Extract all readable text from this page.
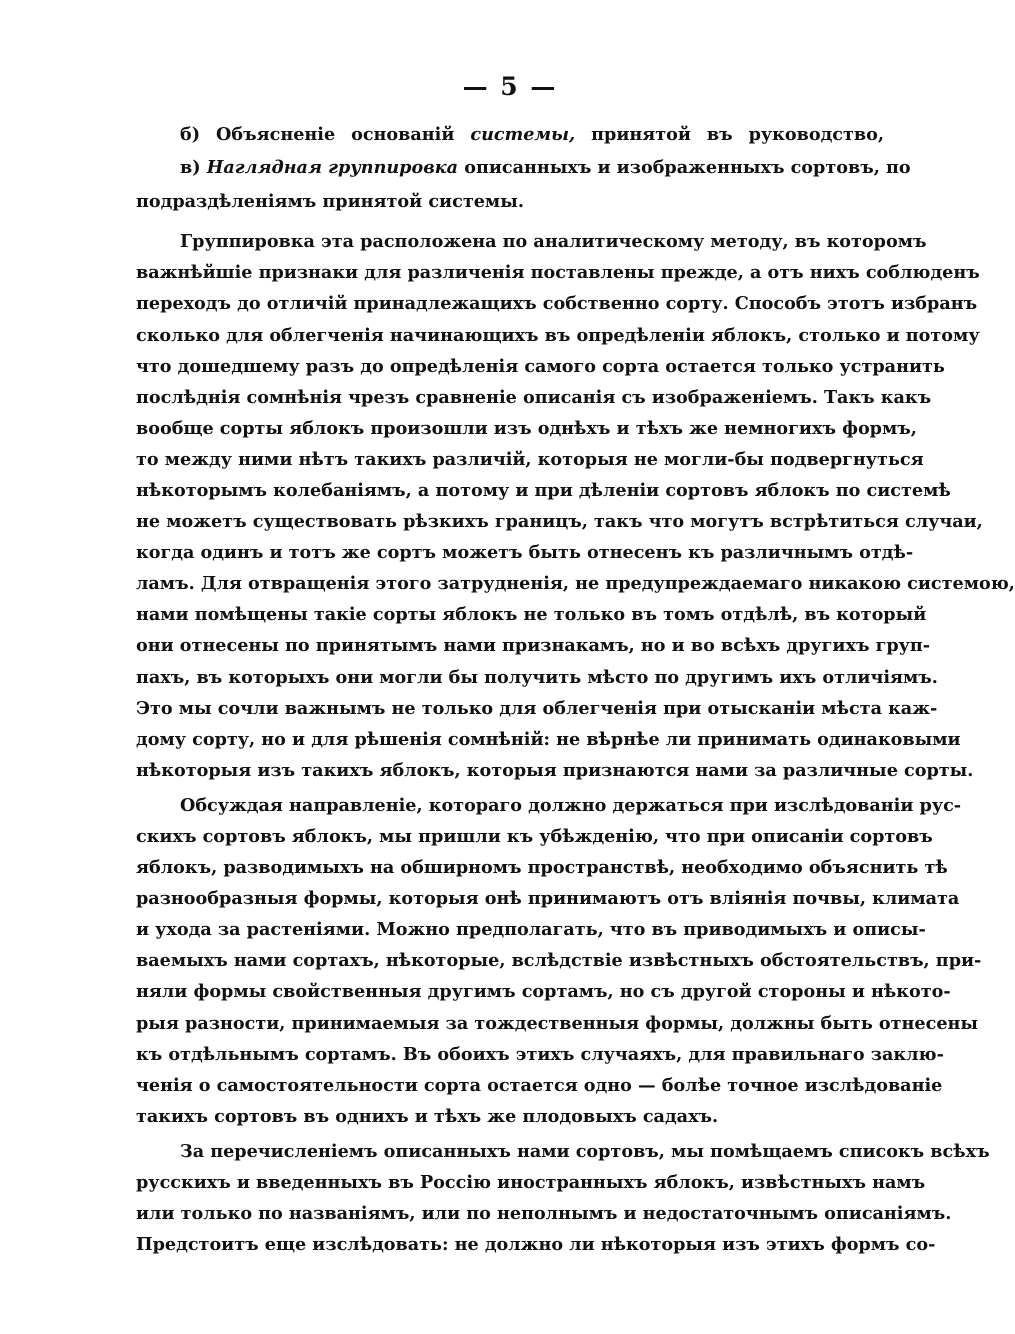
— 5 —
б) Объясненіе основаній системы, принятой въ руководство,
в) Наглядная группировка описанныхъ и изображенныхъ сортовъ, по
подраздѣленіямъ принятой системы.
Группировка эта расположена по аналитическому методу, въ которомъ
важнѣйшіе признаки для различенія поставлены прежде, а отъ нихъ соблюденъ
переходъ до отличій принадлежащихъ собственно сорту. Способъ этотъ избранъ
сколько для облегченія начинающихъ въ опредѣленіи яблокъ, столько и потому
что дошедшему разъ до опредѣленія самого сорта остается только устранить
послѣднія сомнѣнія чрезъ сравненіе описанія съ изображеніемъ. Такъ какъ
вообще сорты яблокъ произошли изъ однѣхъ и тѣхъ же немногихъ формъ,
то между ними нѣтъ такихъ различій, которыя не могли-бы подвергнуться
нѣкоторымъ колебаніямъ, а потому и при дѣленіи сортовъ яблокъ по системѣ
не можетъ существовать рѣзкихъ границъ, такъ что могутъ встрѣтиться случаи,
когда одинъ и тотъ же сортъ можетъ быть отнесенъ къ различнымъ отдѣ-
ламъ. Для отвращенія этого затрудненія, не предупреждаемаго никакою системою,
нами помѣщены такіе сорты яблокъ не только въ томъ отдѣлѣ, въ который
они отнесены по принятымъ нами признакамъ, но и во всѣхъ другихъ груп-
пахъ, въ которыхъ они могли бы получить мѣсто по другимъ ихъ отличіямъ.
Это мы сочли важнымъ не только для облегченія при отысканіи мѣста каж-
дому сорту, но и для рѣшенія сомнѣній: не вѣрнѣе ли принимать одинаковыми
нѣкоторыя изъ такихъ яблокъ, которыя признаются нами за различные сорты.
Обсуждая направленіе, котораго должно держаться при изслѣдованіи рус-
скихъ сортовъ яблокъ, мы пришли къ убѣжденію, что при описаніи сортовъ
яблокъ, разводимыхъ на обширномъ пространствѣ, необходимо объяснить тѣ
разнообразныя формы, которыя онѣ принимаютъ отъ вліянія почвы, климата
и ухода за растеніями. Можно предполагать, что въ приводимыхъ и описы-
ваемыхъ нами сортахъ, нѣкоторые, вслѣдствіе извѣстныхъ обстоятельствъ, при-
няли формы свойственныя другимъ сортамъ, но съ другой стороны и нѣкото-
рыя разности, принимаемыя за тождественныя формы, должны быть отнесены
къ отдѣльнымъ сортамъ. Въ обоихъ этихъ случаяхъ, для правильнаго заклю-
ченія о самостоятельности сорта остается одно — болѣе точное изслѣдованіе
такихъ сортовъ въ однихъ и тѣхъ же плодовыхъ садахъ.
За перечисленіемъ описанныхъ нами сортовъ, мы помѣщаемъ списокъ всѣхъ
русскихъ и введенныхъ въ Россію иностранныхъ яблокъ, извѣстныхъ намъ
или только по названіямъ, или по неполнымъ и недостаточнымъ описаніямъ.
Предстоитъ еще изслѣдовать: не должно ли нѣкоторыя изъ этихъ формъ со-
